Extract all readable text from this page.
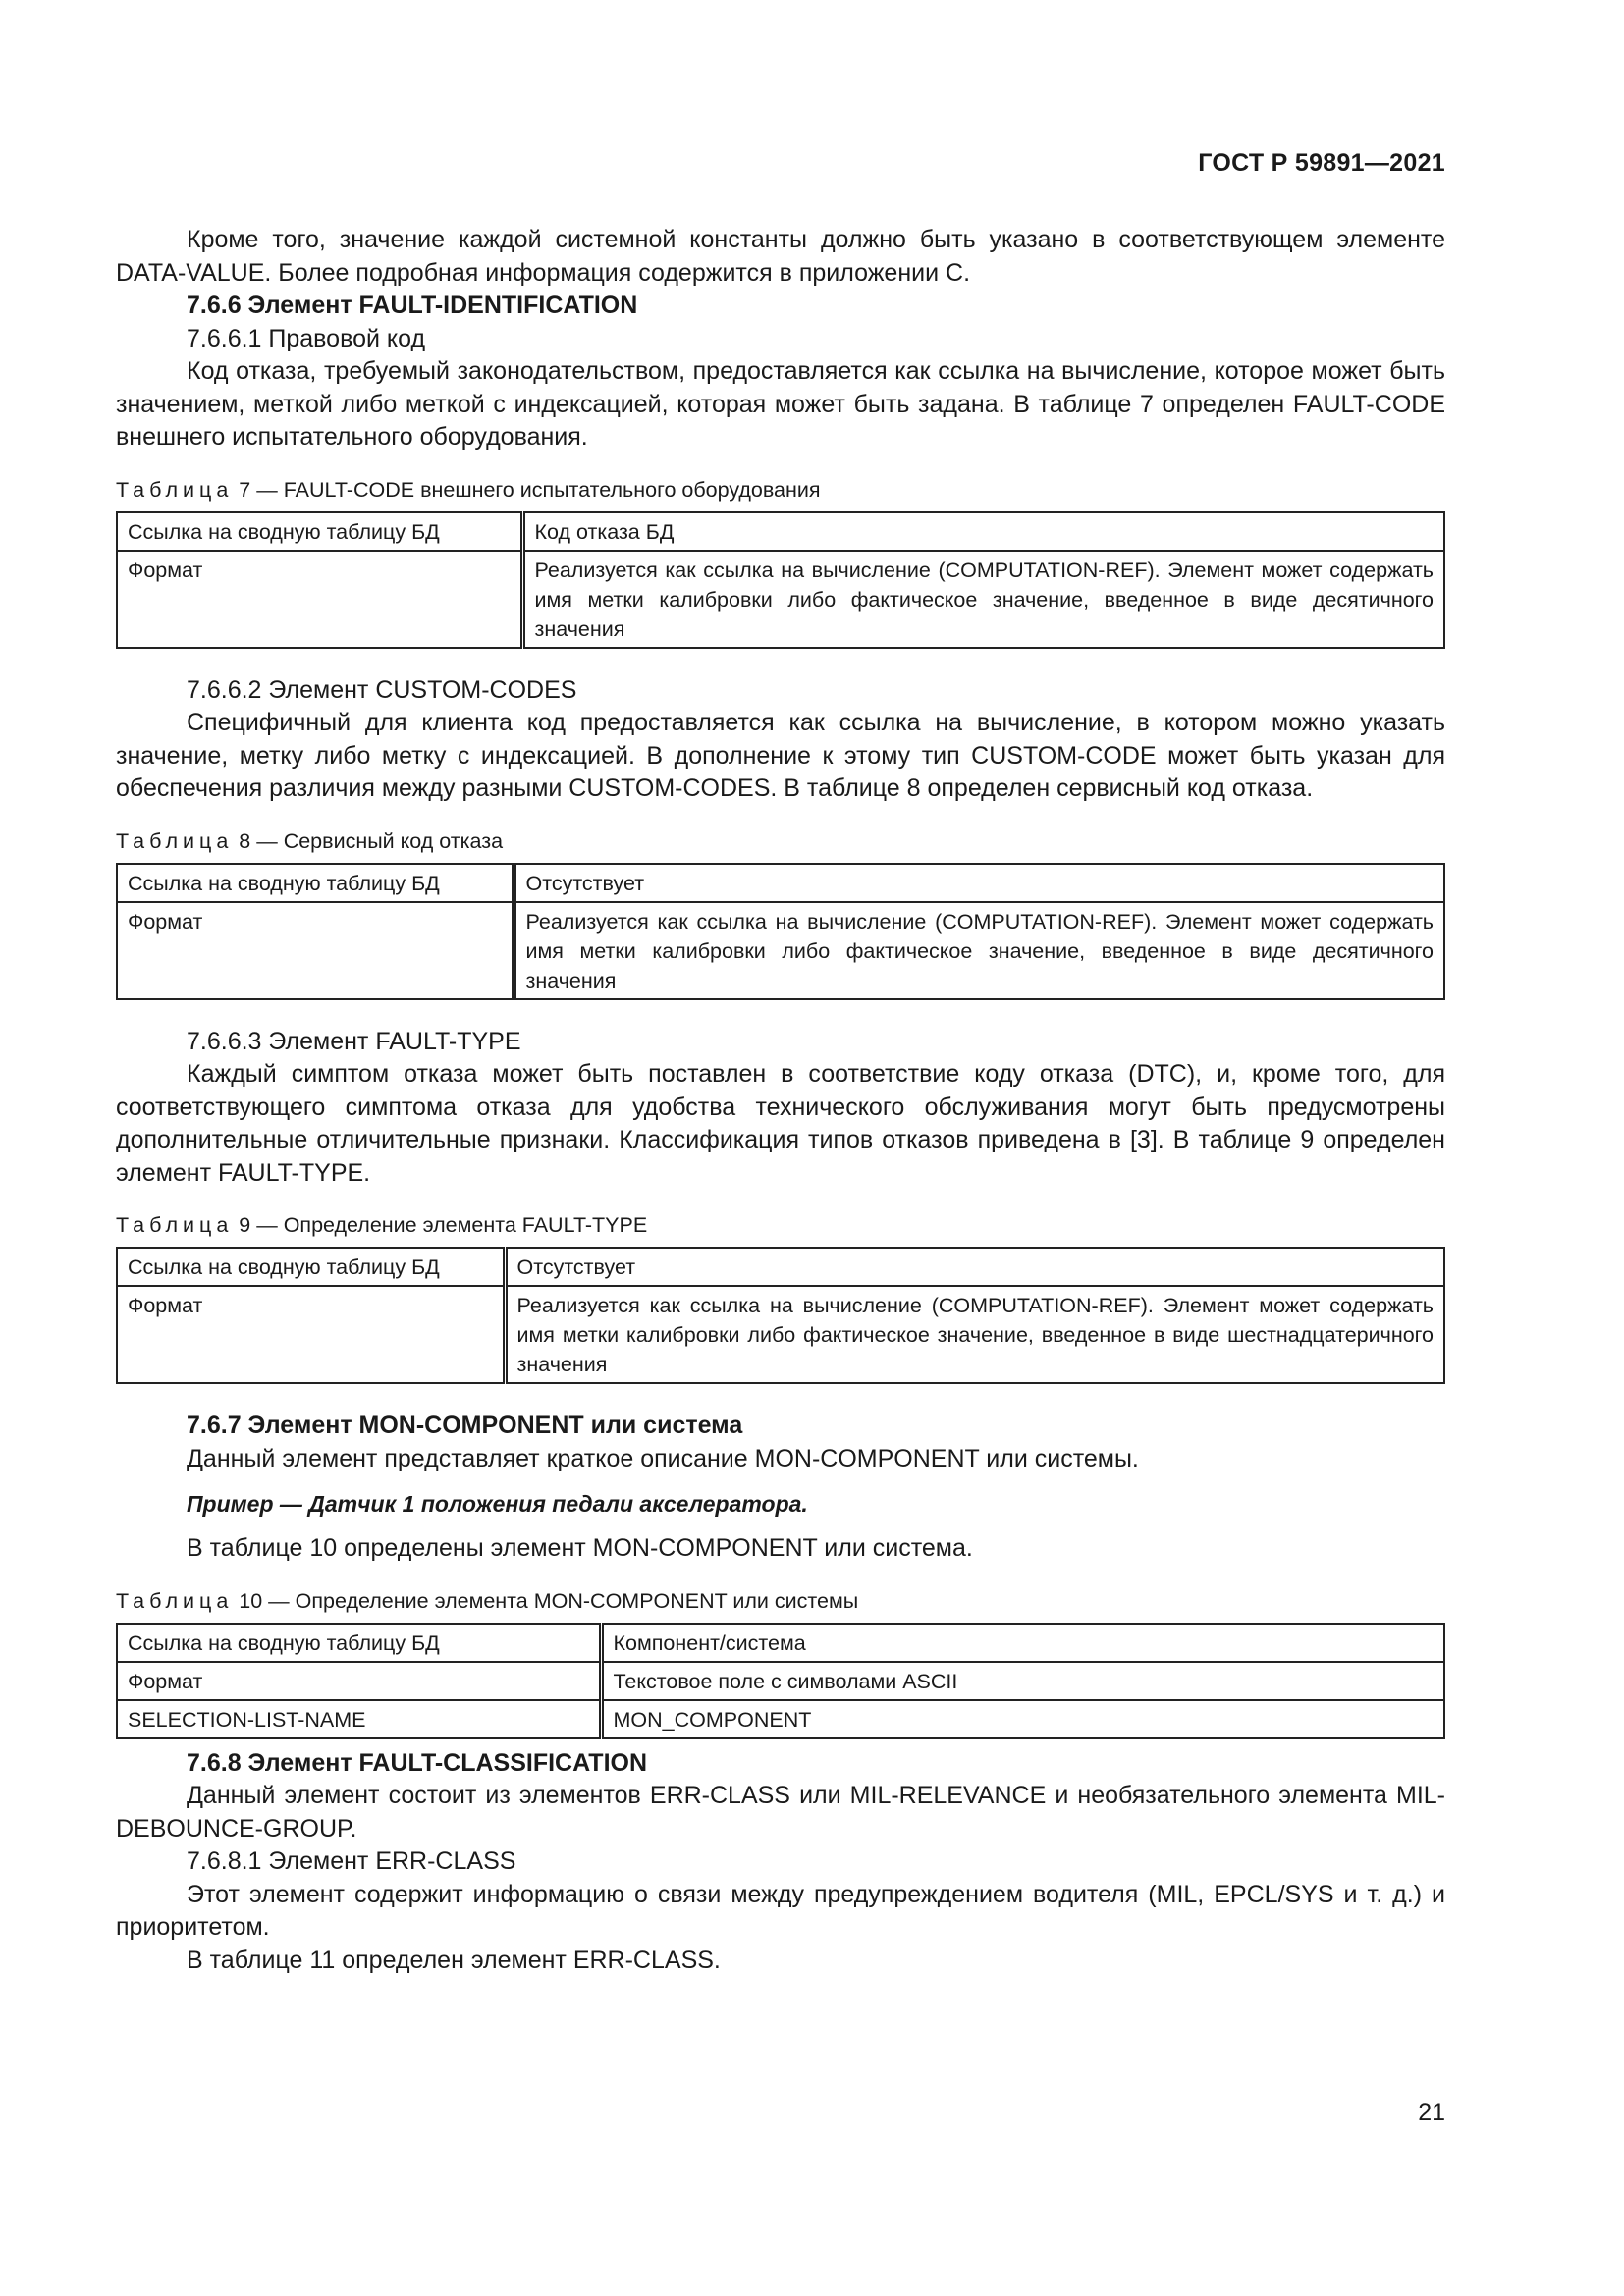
ГОСТ Р 59891—2021

Кроме того, значение каждой системной константы должно быть указано в соответствующем элементе DATA-VALUE. Более подробная информация содержится в приложении С.

7.6.6 Элемент FAULT-IDENTIFICATION

7.6.6.1 Правовой код

Код отказа, требуемый законодательством, предоставляется как ссылка на вычисление, которое может быть значением, меткой либо меткой с индексацией, которая может быть задана. В таблице 7 определен FAULT-CODE внешнего испытательного оборудования.

Таблица 7 — FAULT-CODE внешнего испытательного оборудования
Ссылка на сводную таблицу БД	Код отказа БД
Формат	Реализуется как ссылка на вычисление (COMPUTATION-REF). Элемент может содержать имя метки калибровки либо фактическое значение, введенное в виде десятичного значения

7.6.6.2 Элемент CUSTOM-CODES

Специфичный для клиента код предоставляется как ссылка на вычисление, в котором можно указать значение, метку либо метку с индексацией. В дополнение к этому тип CUSTOM-CODE может быть указан для обеспечения различия между разными CUSTOM-CODES. В таблице 8 определен сервисный код отказа.

Таблица 8 — Сервисный код отказа
Ссылка на сводную таблицу БД	Отсутствует
Формат	Реализуется как ссылка на вычисление (COMPUTATION-REF). Элемент может содержать имя метки калибровки либо фактическое значение, введенное в виде десятичного значения

7.6.6.3 Элемент FAULT-TYPE

Каждый симптом отказа может быть поставлен в соответствие коду отказа (DTC), и, кроме того, для соответствующего симптома отказа для удобства технического обслуживания могут быть предусмотрены дополнительные отличительные признаки. Классификация типов отказов приведена в [3]. В таблице 9 определен элемент FAULT-TYPE.

Таблица 9 — Определение элемента FAULT-TYPE
Ссылка на сводную таблицу БД	Отсутствует
Формат	Реализуется как ссылка на вычисление (COMPUTATION-REF). Элемент может содержать имя метки калибровки либо фактическое значение, введенное в виде шестнадцатеричного значения

7.6.7 Элемент MON-COMPONENT или система

Данный элемент представляет краткое описание MON-COMPONENT или системы.

Пример — Датчик 1 положения педали акселератора.

В таблице 10 определены элемент MON-COMPONENT или система.

Таблица 10 — Определение элемента MON-COMPONENT или системы
Ссылка на сводную таблицу БД	Компонент/система
Формат	Текстовое поле с символами ASCII
SELECTION-LIST-NAME	MON_COMPONENT

7.6.8 Элемент FAULT-CLASSIFICATION

Данный элемент состоит из элементов ERR-CLASS или MIL-RELEVANCE и необязательного элемента MIL-DEBOUNCE-GROUP.

7.6.8.1 Элемент ERR-CLASS

Этот элемент содержит информацию о связи между предупреждением водителя (MIL, EPCL/SYS и т. д.) и приоритетом.

В таблице 11 определен элемент ERR-CLASS.

21
